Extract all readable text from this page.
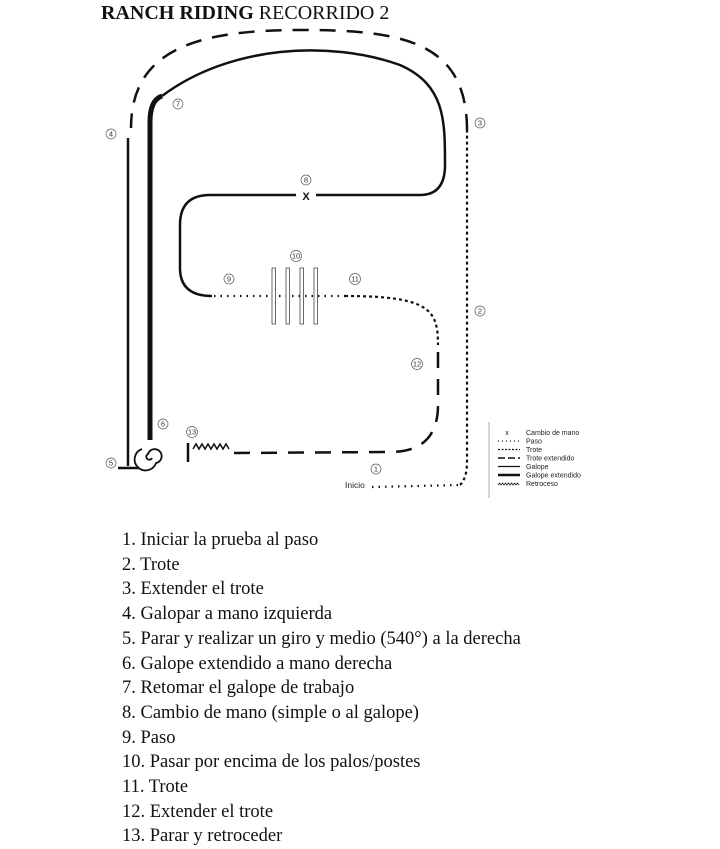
RANCH RIDING RECORRIDO 2
X
1
2
3
4
5
6
7
8
9
10
11
12
13
Inicio
x Cambio de mano
Paso
Trote
Trote extendido
Galope
Galope extendido
Retroceso
1. Iniciar la prueba al paso
2. Trote
3. Extender el trote
4. Galopar a mano izquierda
5. Parar y realizar un giro y medio (540°) a la derecha
6. Galope extendido a mano derecha
7. Retomar el galope de trabajo
8. Cambio de mano (simple o al galope)
9. Paso
10. Pasar por encima de los palos/postes
11. Trote
12. Extender el trote
13. Parar y retroceder
